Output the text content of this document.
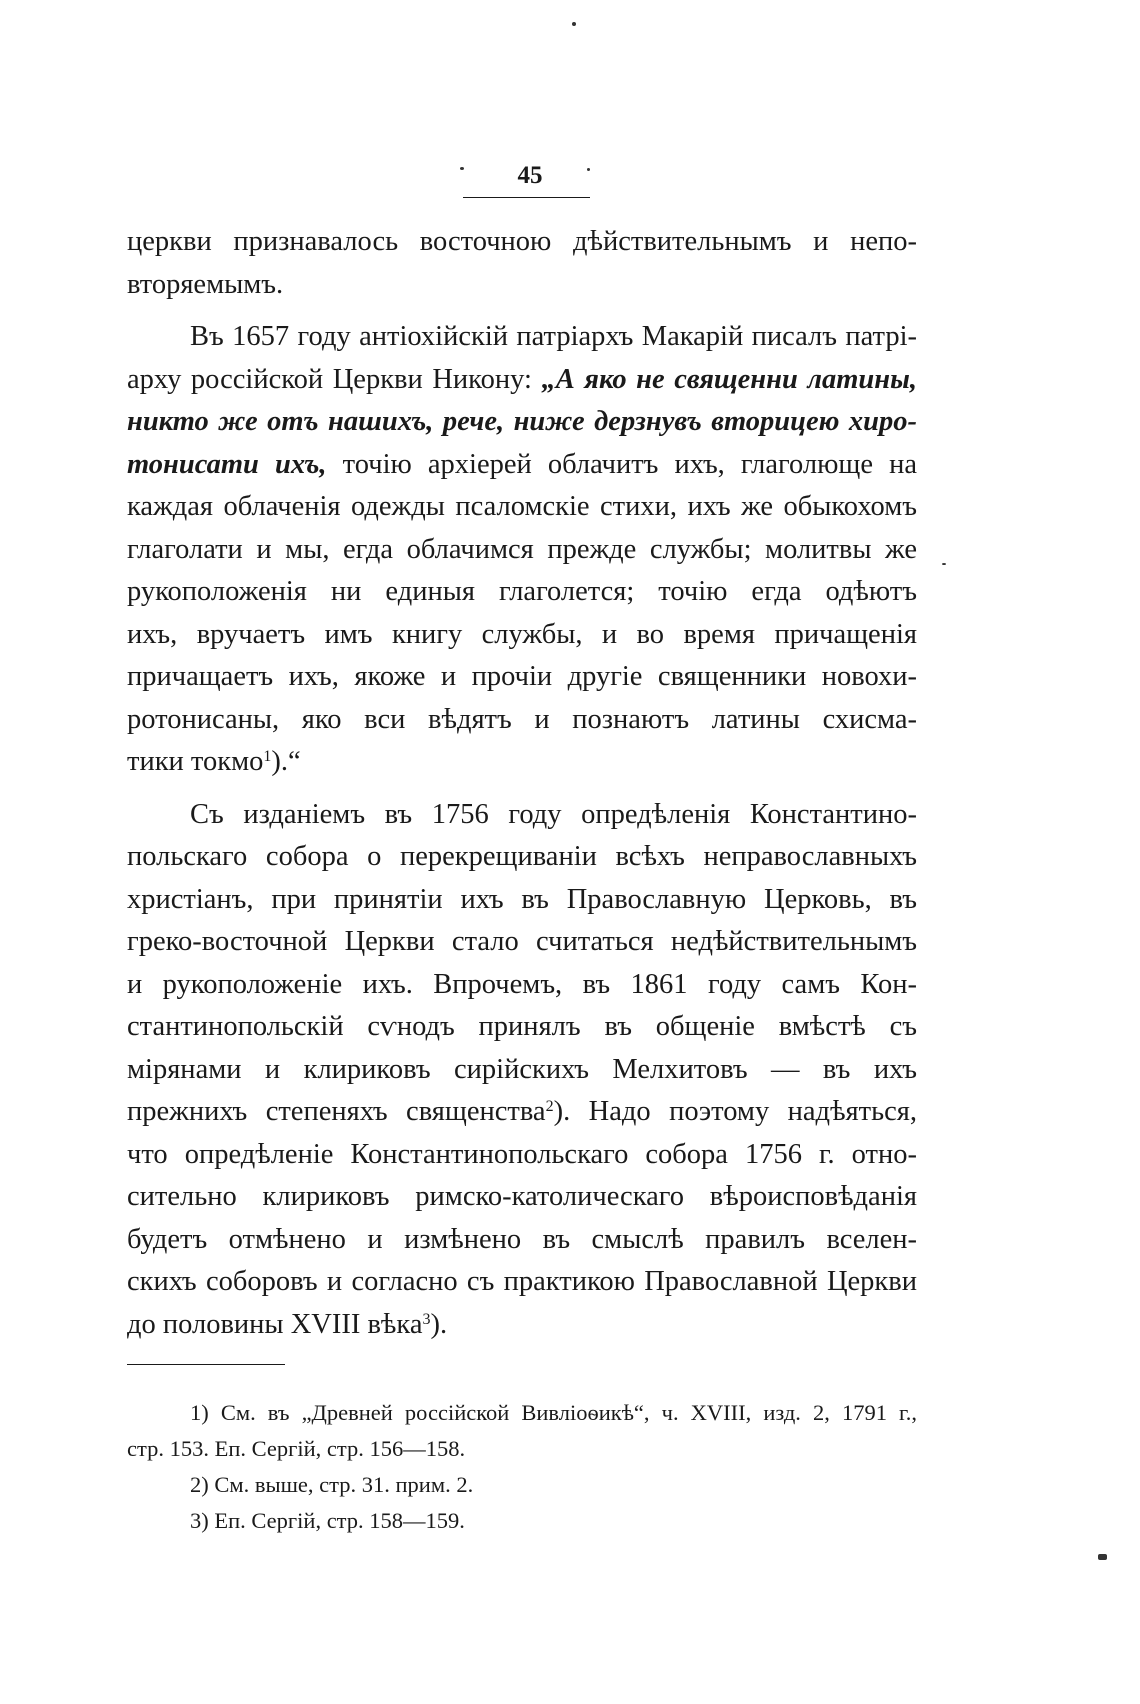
45
церкви признавалось восточною дѣйствительнымъ и непо-
вторяемымъ.
Въ 1657 году антіохійскій патріархъ Макарій писалъ патрі-
арху россійской Церкви Никону: „А яко не священни латины,
никто же отъ нашихъ, рече, ниже дерзнувъ вторицею хиро-
тонисати ихъ, точію архіерей облачитъ ихъ, глаголюще на
каждая облаченія одежды псаломскіе стихи, ихъ же обыкохомъ
глаголати и мы, егда облачимся прежде службы; молитвы же
рукоположенія ни единыя глаголется; точію егда одѣютъ
ихъ, вручаетъ имъ книгу службы, и во время причащенія
причащаетъ ихъ, якоже и прочіи другіе священники новохи-
ротонисаны, яко вси вѣдятъ и познаютъ латины схисма-
тики токмо$^1$).“
Съ изданіемъ въ 1756 году опредѣленія Константино-
польскаго собора о перекрещиваніи всѣхъ неправославныхъ
христіанъ, при принятіи ихъ въ Православную Церковь, въ
греко-восточной Церкви стало считаться недѣйствительнымъ
и рукоположеніе ихъ. Впрочемъ, въ 1861 году самъ Кон-
стантинопольскій сѵнодъ принялъ въ общеніе вмѣстѣ съ
мірянами и клириковъ сирійскихъ Мелхитовъ — въ ихъ
прежнихъ степеняхъ священства$^2$). Надо поэтому надѣяться,
что опредѣленіе Константинопольскаго собора 1756 г. отно-
сительно клириковъ римско-католическаго вѣроисповѣданія
будетъ отмѣнено и измѣнено въ смыслѣ правилъ вселен-
скихъ соборовъ и согласно съ практикою Православной Церкви
до половины XVIII вѣка$^3$).
1) См. въ „Древней россійской Вивліоѳикѣ“, ч. XVIII, изд. 2, 1791 г.,
стр. 153. Еп. Сергій, стр. 156—158.
2) См. выше, стр. 31. прим. 2.
3) Еп. Сергій, стр. 158—159.
